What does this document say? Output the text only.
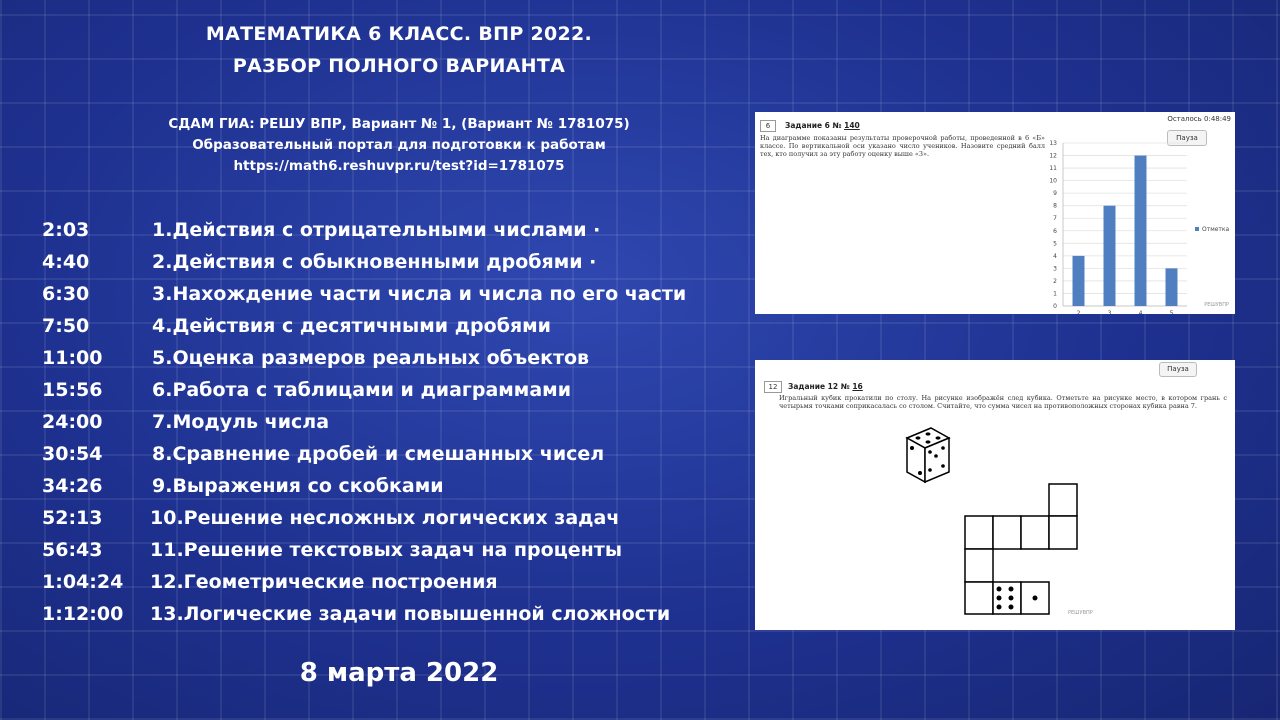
МАТЕМАТИКА 6 КЛАСС. ВПР 2022.
РАЗБОР ПОЛНОГО ВАРИАНТА
СДАМ ГИА: РЕШУ ВПР, Вариант № 1, (Вариант № 1781075)
Образовательный портал для подготовки к работам
https://math6.reshuvpr.ru/test?id=1781075
2:03	1.Действия с отрицательными числами ·
4:40	2.Действия с обыкновенными дробями ·
6:30	3.Нахождение части числа и числа по его части
7:50	4.Действия с десятичными дробями
11:00	5.Оценка размеров реальных объектов
15:56	6.Работа с таблицами и диаграммами
24:00	7.Модуль числа
30:54	8.Сравнение дробей и смешанных чисел
34:26	9.Выражения со скобками
52:13	10.Решение несложных логических задач
56:43	11.Решение текстовых задач на проценты
1:04:24 12.Геометрические построения
1:12:00 13.Логические задачи повышенной сложности
8 марта 2022
6	Задание 6 № 140
Осталось 0:48:49
Пауза
На диаграмме показаны результаты проверочной работы, проведенной в 6 «Б» классе. По вертикальной оси указано число учеников. Назовите средний балл тех, кто получил за эту работу оценку выше «3».
0
1
2
3
4
5
6
7
8
9
10
11
12
13
2	3	4	5
Отметка
РЕШУВПР
Пауза
12	Задание 12 № 16
Игральный кубик прокатили по столу. На рисунке изображён след кубика. Отметьте на рисунке место, в котором грань с четырьмя точками соприкасалась со столом. Считайте, что сумма чисел на противоположных сторонах кубика равна 7.
РЕШУВПР
